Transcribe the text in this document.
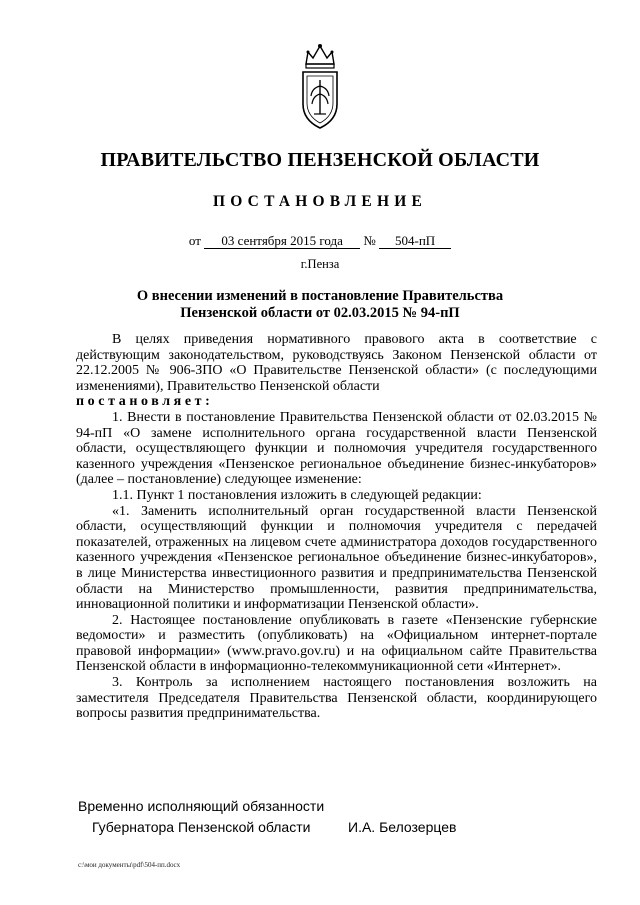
ПРАВИТЕЛЬСТВО ПЕНЗЕНСКОЙ ОБЛАСТИ
ПОСТАНОВЛЕНИЕ
от 03 сентября 2015 года № 504-пП
г.Пенза
О внесении изменений в постановление Правительства
Пензенской области от 02.03.2015 № 94-пП

В целях приведения нормативного правового акта в соответствие с действующим законодательством, руководствуясь Законом Пензенской области от 22.12.2005 № 906-ЗПО «О Правительстве Пензенской области» (с последующими изменениями), Правительство Пензенской области

постановляет:

1. Внести в постановление Правительства Пензенской области от 02.03.2015 № 94-пП «О замене исполнительного органа государственной власти Пензенской области, осуществляющего функции и полномочия учредителя государственного казенного учреждения «Пензенское региональное объединение бизнес-инкубаторов» (далее – постановление) следующее изменение:

1.1. Пункт 1 постановления изложить в следующей редакции:

«1. Заменить исполнительный орган государственной власти Пензенской области, осуществляющий функции и полномочия учредителя с передачей показателей, отраженных на лицевом счете администратора доходов государственного казенного учреждения «Пензенское региональное объединение бизнес-инкубаторов», в лице Министерства инвестиционного развития и предпринимательства Пензенской области на Министерство промышленности, развития предпринимательства, инновационной политики и информатизации Пензенской области».

2. Настоящее постановление опубликовать в газете «Пензенские губернские ведомости» и разместить (опубликовать) на «Официальном интернет-портале правовой информации» (www.pravo.gov.ru) и на официальном сайте Правительства Пензенской области в информационно-телекоммуникационной сети «Интернет».

3. Контроль за исполнением настоящего постановления возложить на заместителя Председателя Правительства Пензенской области, координирующего вопросы развития предпринимательства.

Временно исполняющий обязанности
Губернатора Пензенской области	И.А. Белозерцев
c:\мои документы\pdf\504-пп.docx
